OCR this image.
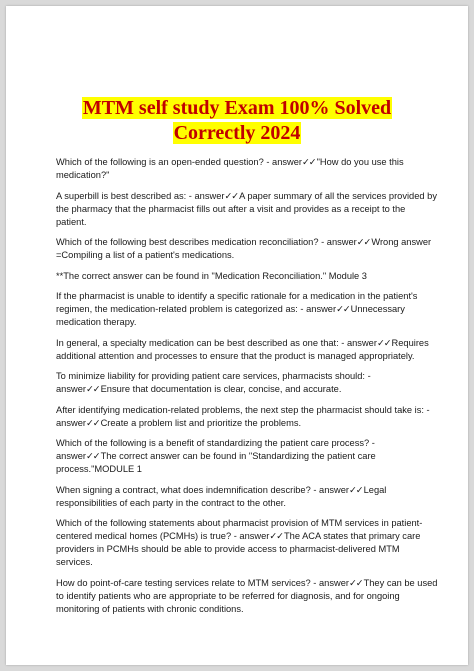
MTM self study Exam 100% Solved
Correctly 2024

Which of the following is an open-ended question? - answer✓✓"How do you use this medication?"

A superbill is best described as: - answer✓✓A paper summary of all the services provided by the pharmacy that the pharmacist fills out after a visit and provides as a receipt to the patient.

Which of the following best describes medication reconciliation? - answer✓✓Wrong answer =Compiling a list of a patient's medications.

**The correct answer can be found in "Medication Reconciliation." Module 3

If the pharmacist is unable to identify a specific rationale for a medication in the patient's regimen, the medication-related problem is categorized as: - answer✓✓Unnecessary medication therapy.

In general, a specialty medication can be best described as one that: - answer✓✓Requires additional attention and processes to ensure that the product is managed appropriately.

To minimize liability for providing patient care services, pharmacists should: - answer✓✓Ensure that documentation is clear, concise, and accurate.

After identifying medication-related problems, the next step the pharmacist should take is: - answer✓✓Create a problem list and prioritize the problems.

Which of the following is a benefit of standardizing the patient care process? - answer✓✓The correct answer can be found in "Standardizing the patient care process."MODULE 1

When signing a contract, what does indemnification describe? - answer✓✓Legal responsibilities of each party in the contract to the other.

Which of the following statements about pharmacist provision of MTM services in patient-centered medical homes (PCMHs) is true? - answer✓✓The ACA states that primary care providers in PCMHs should be able to provide access to pharmacist-delivered MTM services.

How do point-of-care testing services relate to MTM services? - answer✓✓They can be used to identify patients who are appropriate to be referred for diagnosis, and for ongoing monitoring of patients with chronic conditions.
